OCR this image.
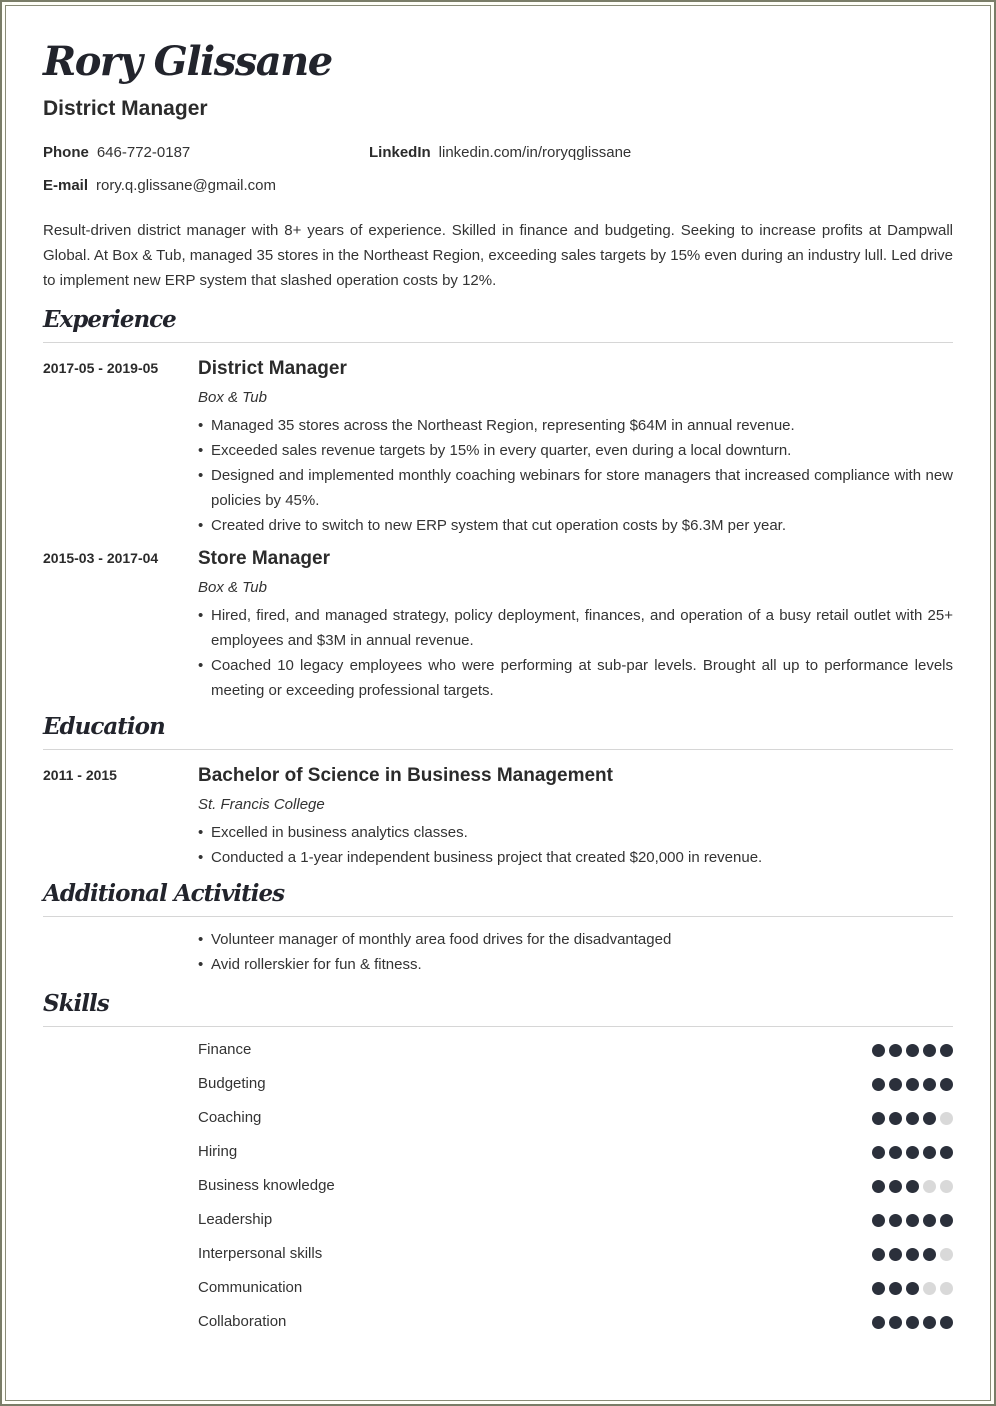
Rory Glissane
District Manager
Phone 646-772-0187	LinkedIn linkedin.com/in/roryqglissane
E-mail rory.q.glissane@gmail.com
Result-driven district manager with 8+ years of experience. Skilled in finance and budgeting. Seeking to increase profits at Dampwall Global. At Box & Tub, managed 35 stores in the Northeast Region, exceeding sales targets by 15% even during an industry lull. Led drive to implement new ERP system that slashed operation costs by 12%.
Experience
2017-05 - 2019-05 District Manager
Box & Tub
• Managed 35 stores across the Northeast Region, representing $64M in annual revenue.
• Exceeded sales revenue targets by 15% in every quarter, even during a local downturn.
• Designed and implemented monthly coaching webinars for store managers that increased compliance with new policies by 45%.
• Created drive to switch to new ERP system that cut operation costs by $6.3M per year.
2015-03 - 2017-04 Store Manager
Box & Tub
• Hired, fired, and managed strategy, policy deployment, finances, and operation of a busy retail outlet with 25+ employees and $3M in annual revenue.
• Coached 10 legacy employees who were performing at sub-par levels. Brought all up to performance levels meeting or exceeding professional targets.
Education
2011 - 2015	Bachelor of Science in Business Management
St. Francis College
• Excelled in business analytics classes.
• Conducted a 1-year independent business project that created $20,000 in revenue.
Additional Activities
• Volunteer manager of monthly area food drives for the disadvantaged
• Avid rollerskier for fun & fitness.
Skills
Finance
Budgeting
Coaching
Hiring
Business knowledge
Leadership
Interpersonal skills
Communication
Collaboration
